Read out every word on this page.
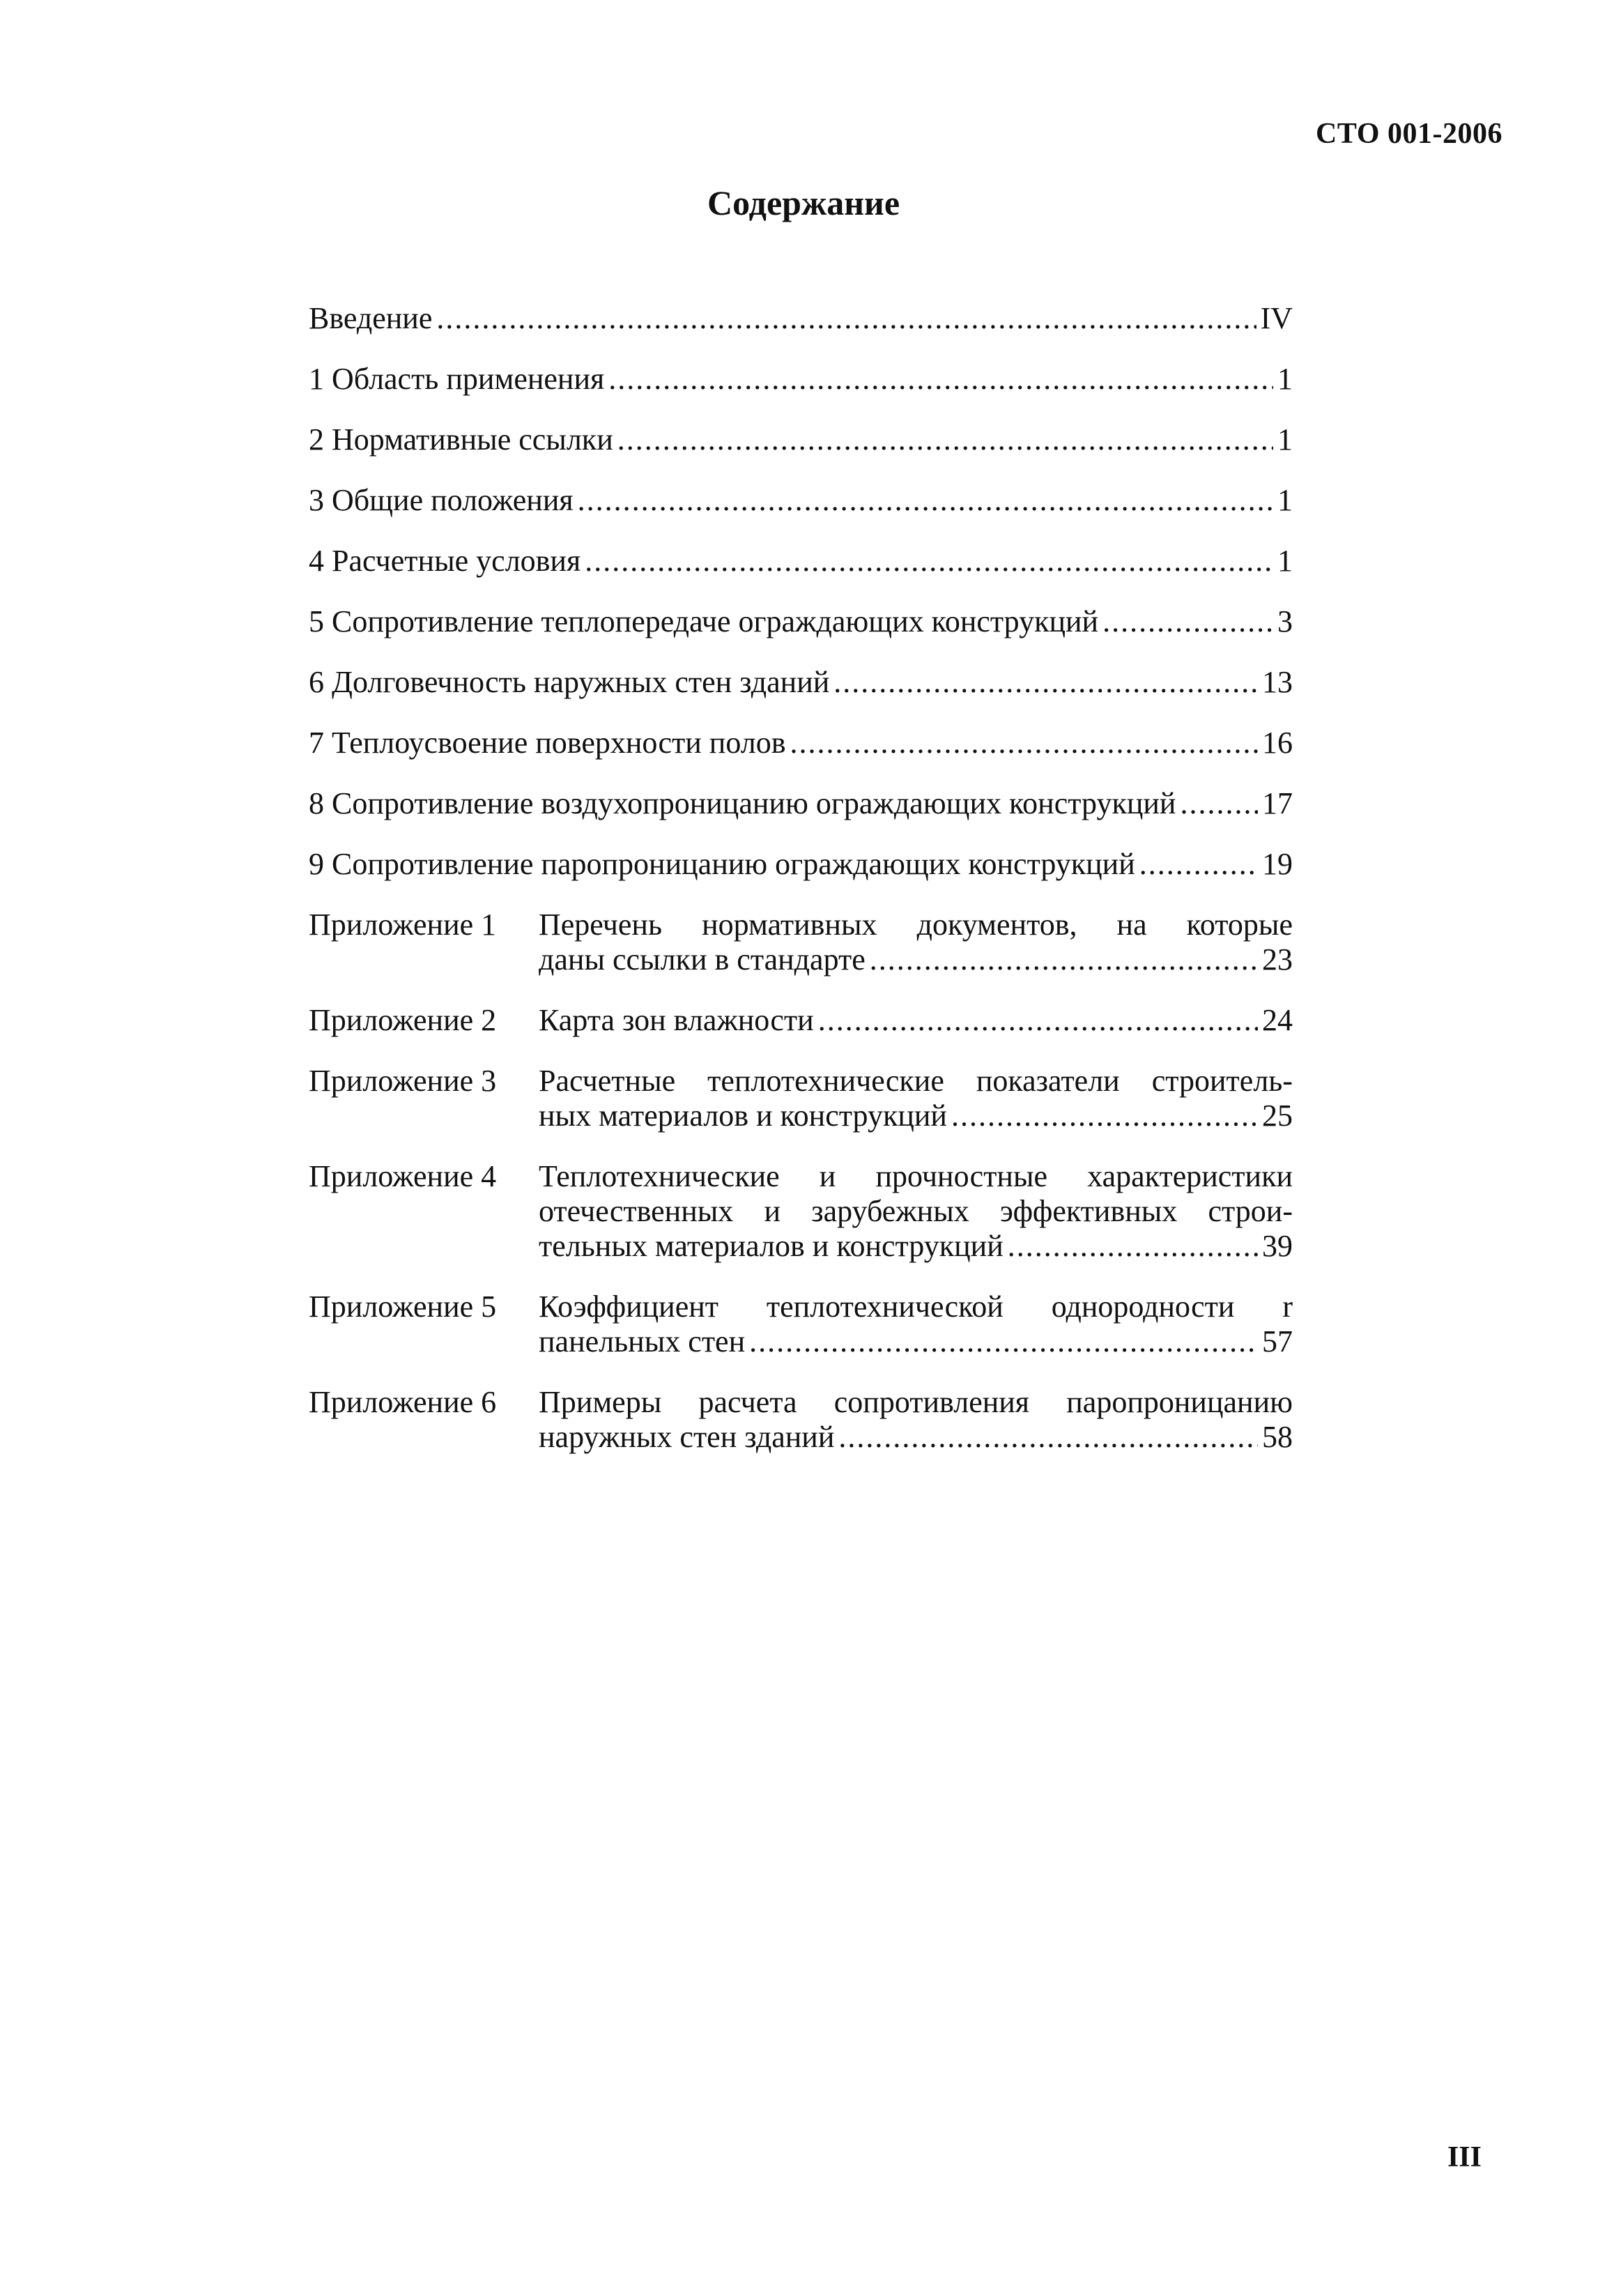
СТО 001-2006
Содержание
Введение .....	IV
1 Область применения .....	1
2 Нормативные ссылки .....	1
3 Общие положения .....	1
4 Расчетные условия .....	1
5 Сопротивление теплопередаче ограждающих конструкций .....	3
6 Долговечность наружных стен зданий .....	13
7 Теплоусвоение поверхности полов .....	16
8 Сопротивление воздухопроницанию ограждающих конструкций .....	17
9 Сопротивление паропроницанию ограждающих конструкций .....	19
Приложение 1	Перечень нормативных документов, на которые
даны ссылки в стандарте .....	23
Приложение 2	Карта зон влажности .....	24
Приложение 3	Расчетные теплотехнические показатели строитель-
ных материалов и конструкций .....	25
Приложение 4	Теплотехнические и прочностные характеристики
отечественных и зарубежных эффективных строи-
тельных материалов и конструкций .....	39
Приложение 5	Коэффициент теплотехнической однородности r
панельных стен .....	57
Приложение 6	Примеры расчета сопротивления паропроницанию
наружных стен зданий .....	58
III
